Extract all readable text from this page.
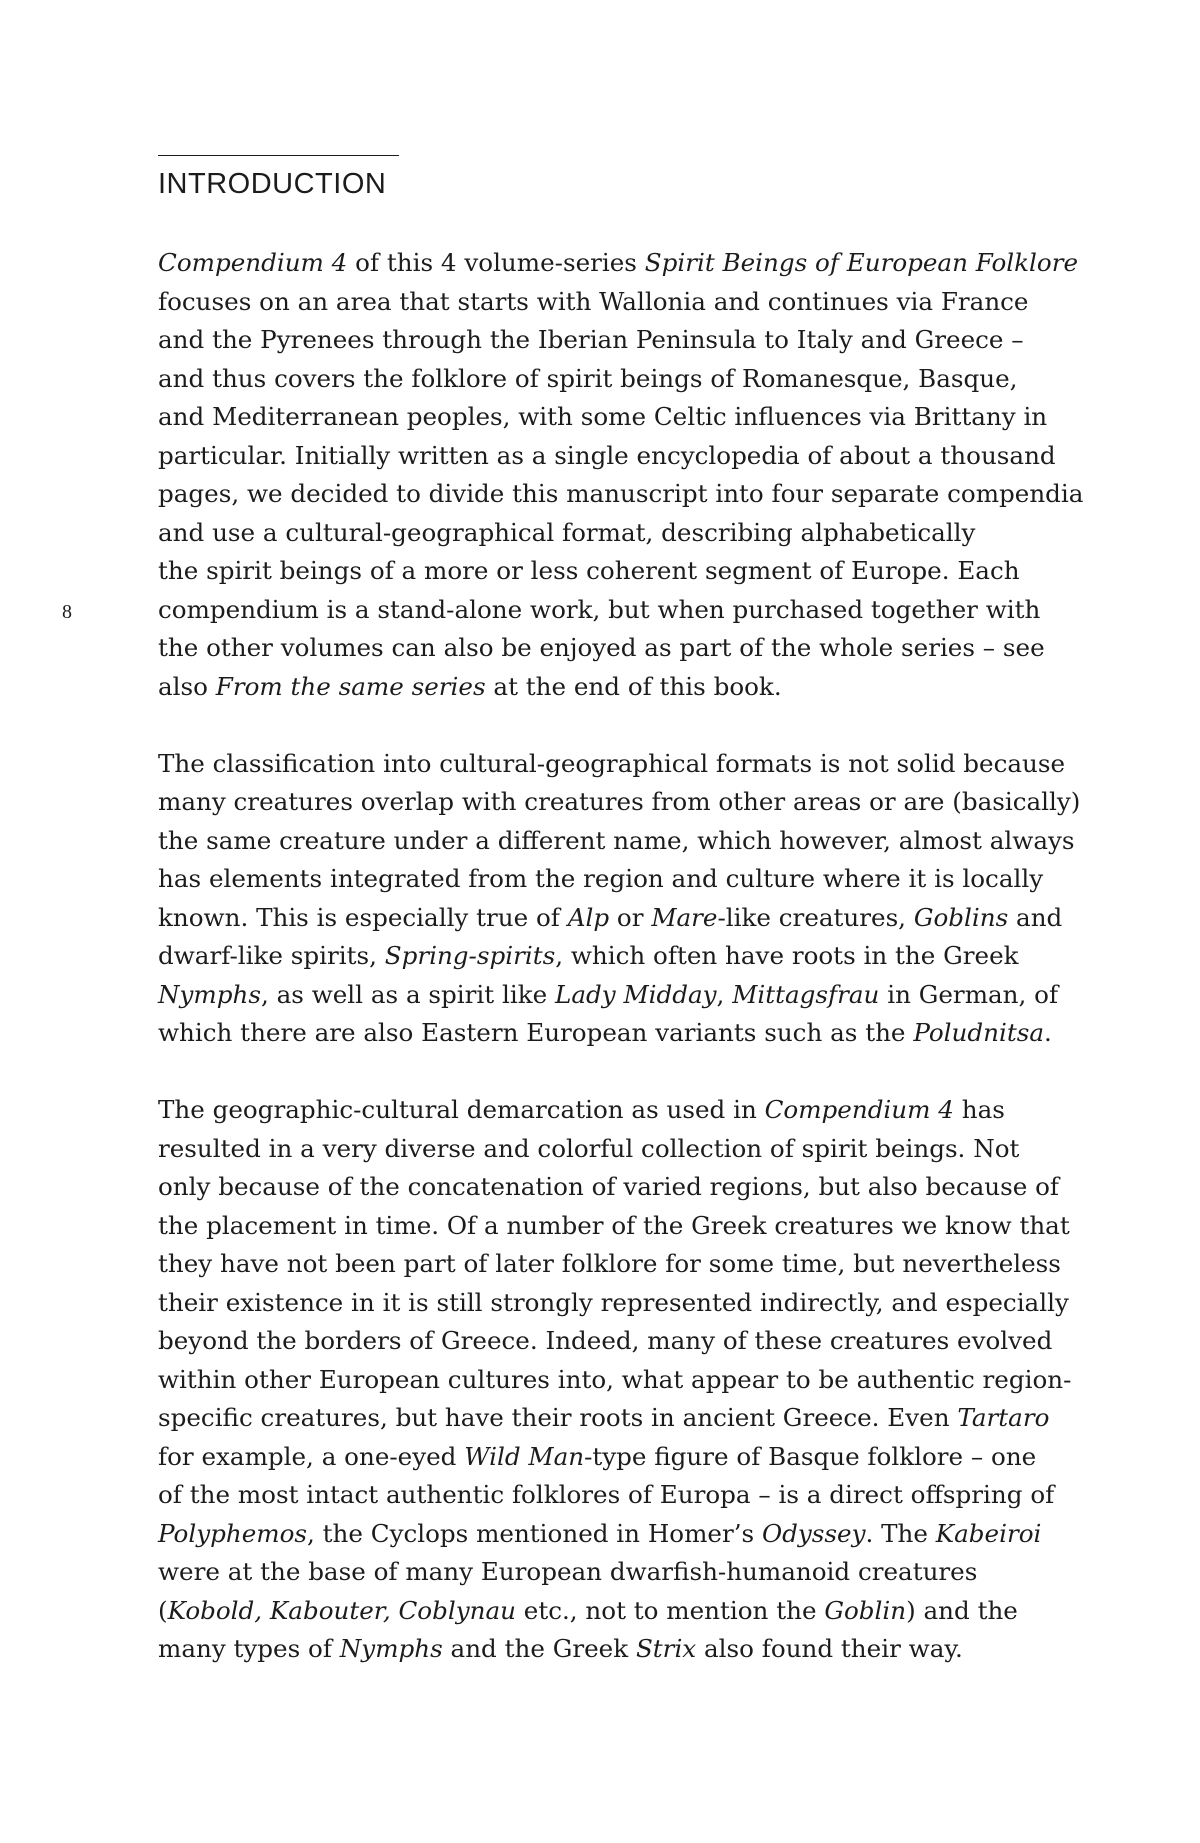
INTRODUCTION
8
Compendium 4 of this 4 volume-series Spirit Beings of European Folklore
focuses on an area that starts with Wallonia and continues via France
and the Pyrenees through the Iberian Peninsula to Italy and Greece –
and thus covers the folklore of spirit beings of Romanesque, Basque,
and Mediterranean peoples, with some Celtic influences via Brittany in
particular. Initially written as a single encyclopedia of about a thousand
pages, we decided to divide this manuscript into four separate compendia
and use a cultural-geographical format, describing alphabetically
the spirit beings of a more or less coherent segment of Europe. Each
compendium is a stand-alone work, but when purchased together with
the other volumes can also be enjoyed as part of the whole series – see
also From the same series at the end of this book.
The classification into cultural-geographical formats is not solid because
many creatures overlap with creatures from other areas or are (basically)
the same creature under a different name, which however, almost always
has elements integrated from the region and culture where it is locally
known. This is especially true of Alp or Mare-like creatures, Goblins and
dwarf-like spirits, Spring-spirits, which often have roots in the Greek
Nymphs, as well as a spirit like Lady Midday, Mittagsfrau in German, of
which there are also Eastern European variants such as the Poludnitsa.
The geographic-cultural demarcation as used in Compendium 4 has
resulted in a very diverse and colorful collection of spirit beings. Not
only because of the concatenation of varied regions, but also because of
the placement in time. Of a number of the Greek creatures we know that
they have not been part of later folklore for some time, but nevertheless
their existence in it is still strongly represented indirectly, and especially
beyond the borders of Greece. Indeed, many of these creatures evolved
within other European cultures into, what appear to be authentic region-
specific creatures, but have their roots in ancient Greece. Even Tartaro
for example, a one-eyed Wild Man-type figure of Basque folklore – one
of the most intact authentic folklores of Europa – is a direct offspring of
Polyphemos, the Cyclops mentioned in Homer’s Odyssey. The Kabeiroi
were at the base of many European dwarfish-humanoid creatures
(Kobold, Kabouter, Coblynau etc., not to mention the Goblin) and the
many types of Nymphs and the Greek Strix also found their way.
